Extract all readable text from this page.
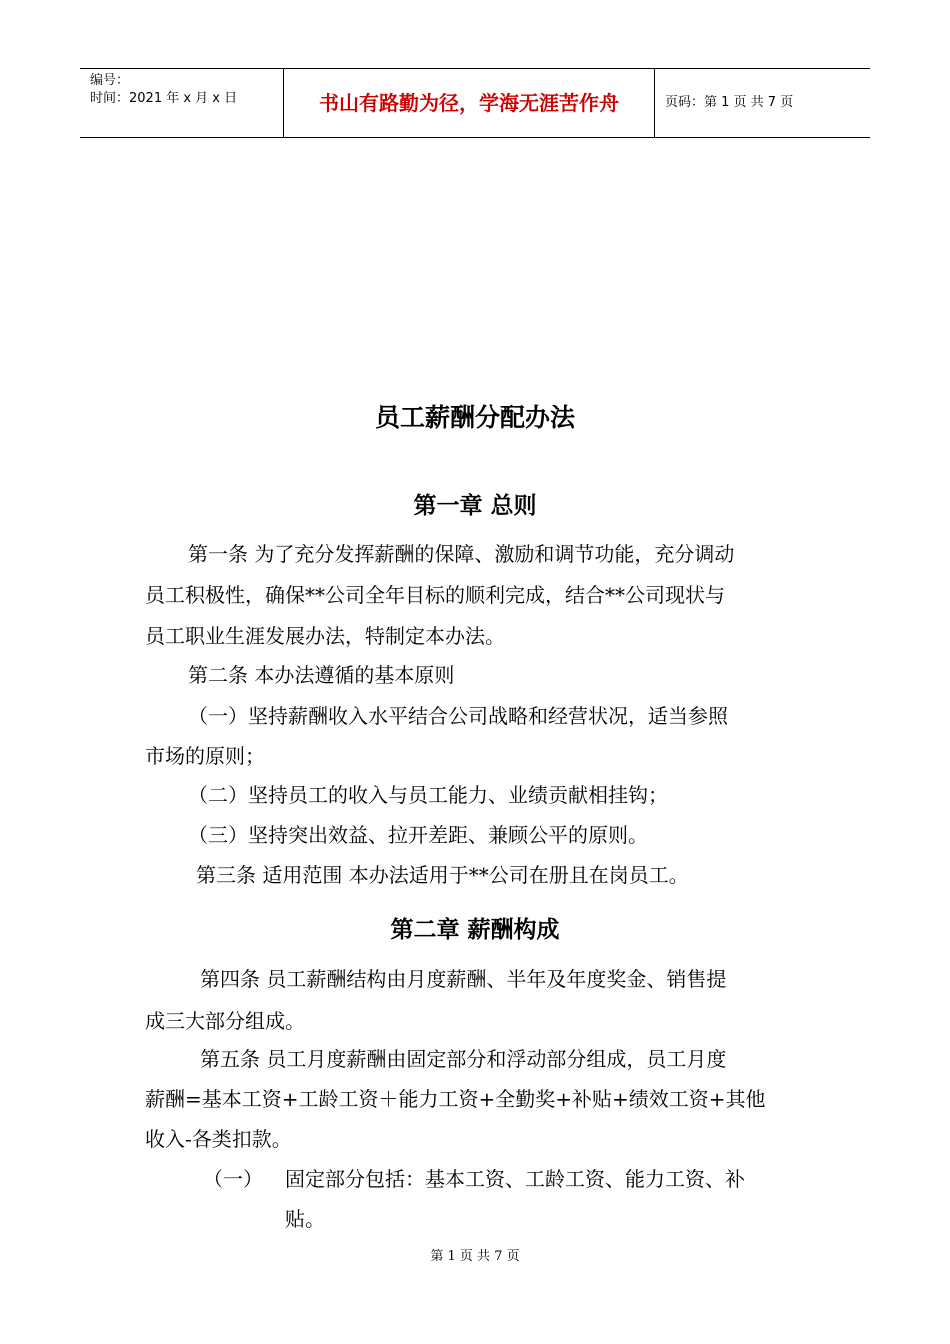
编号：
时间：2021 年 x 月 x 日	书山有路勤为径，学海无涯苦作舟	页码：第 1 页 共 7 页
员工薪酬分配办法
第一章 总则
第一条 为了充分发挥薪酬的保障、激励和调节功能，充分调动
员工积极性，确保**公司全年目标的顺利完成，结合**公司现状与
员工职业生涯发展办法，特制定本办法。
第二条 本办法遵循的基本原则
（一）坚持薪酬收入水平结合公司战略和经营状况，适当参照
市场的原则；
（二）坚持员工的收入与员工能力、业绩贡献相挂钩；
（三）坚持突出效益、拉开差距、兼顾公平的原则。
第三条 适用范围 本办法适用于**公司在册且在岗员工。
第二章 薪酬构成
第四条 员工薪酬结构由月度薪酬、半年及年度奖金、销售提
成三大部分组成。
第五条 员工月度薪酬由固定部分和浮动部分组成，员工月度
薪酬=基本工资+工龄工资＋能力工资+全勤奖+补贴+绩效工资+其他
收入-各类扣款。
（一） 固定部分包括：基本工资、工龄工资、能力工资、补
贴。
第 1 页 共 7 页
